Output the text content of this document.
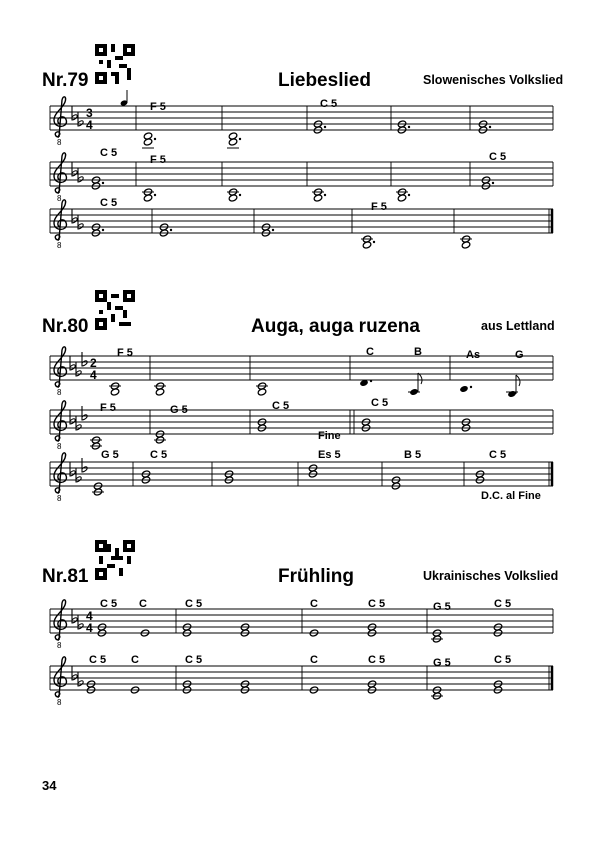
Nr.79	Liebeslied	Slowenisches Volkslied
Nr.80	Auga, auga ruzena	aus Lettland
Nr.81	Frühling	Ukrainisches Volkslied
34
8
3
4
F 5	C 5
C 5
F 5	C 5
C 5	F 5
2
4
F 5	C	B	As	G
F 5	G 5	C 5	C 5
Fine
G 5	C 5	Es 5	B 5	C 5
D.C. al Fine
4
4
C 5 C	C 5	C	C 5	G 5	C 5
C 5 C	C 5	C	C 5	G 5	C 5
